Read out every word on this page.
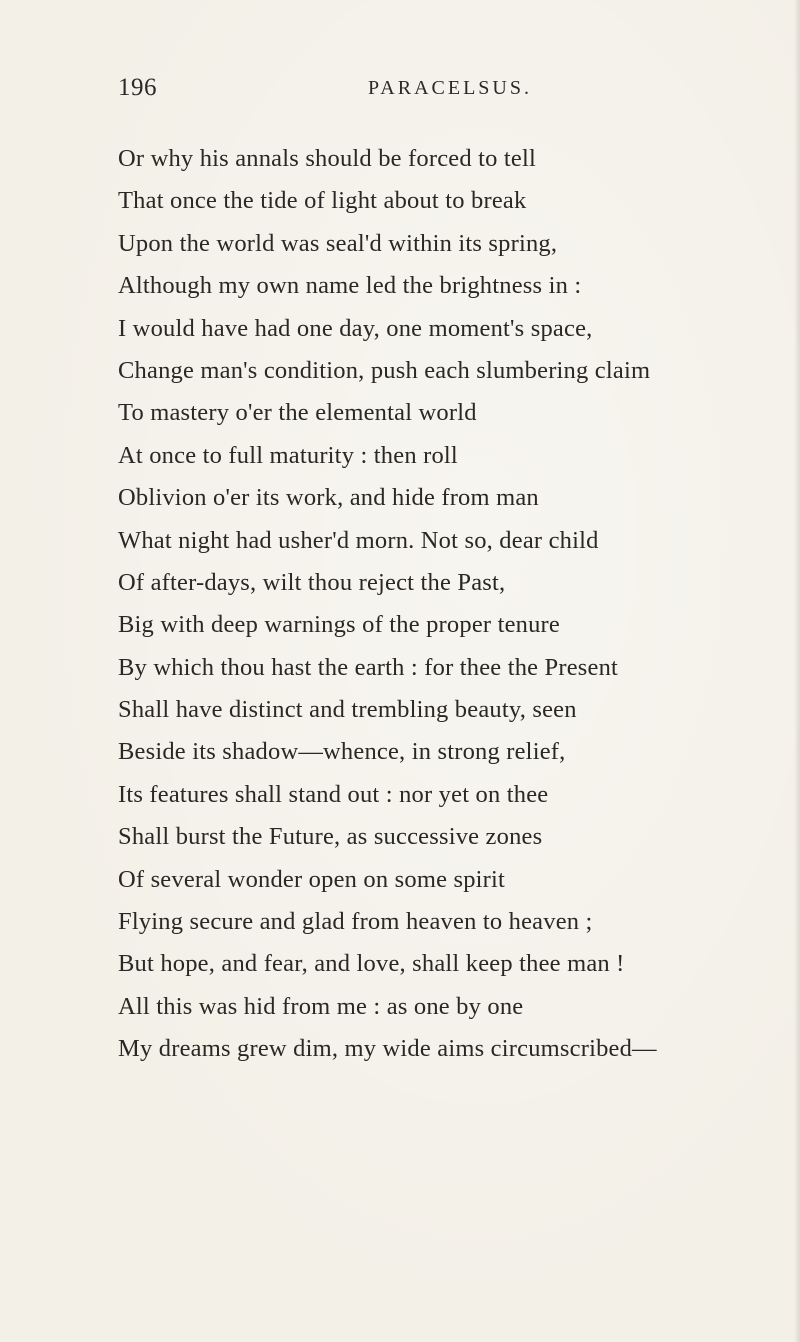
196	PARACELSUS.
Or why his annals should be forced to tell
That once the tide of light about to break
Upon the world was seal'd within its spring,
Although my own name led the brightness in :
I would have had one day, one moment's space,
Change man's condition, push each slumbering claim
To mastery o'er the elemental world
At once to full maturity : then roll
Oblivion o'er its work, and hide from man
What night had usher'd morn. Not so, dear child
Of after-days, wilt thou reject the Past,
Big with deep warnings of the proper tenure
By which thou hast the earth : for thee the Present
Shall have distinct and trembling beauty, seen
Beside its shadow—whence, in strong relief,
Its features shall stand out : nor yet on thee
Shall burst the Future, as successive zones
Of several wonder open on some spirit
Flying secure and glad from heaven to heaven ;
But hope, and fear, and love, shall keep thee man !
All this was hid from me : as one by one
My dreams grew dim, my wide aims circumscribed—
